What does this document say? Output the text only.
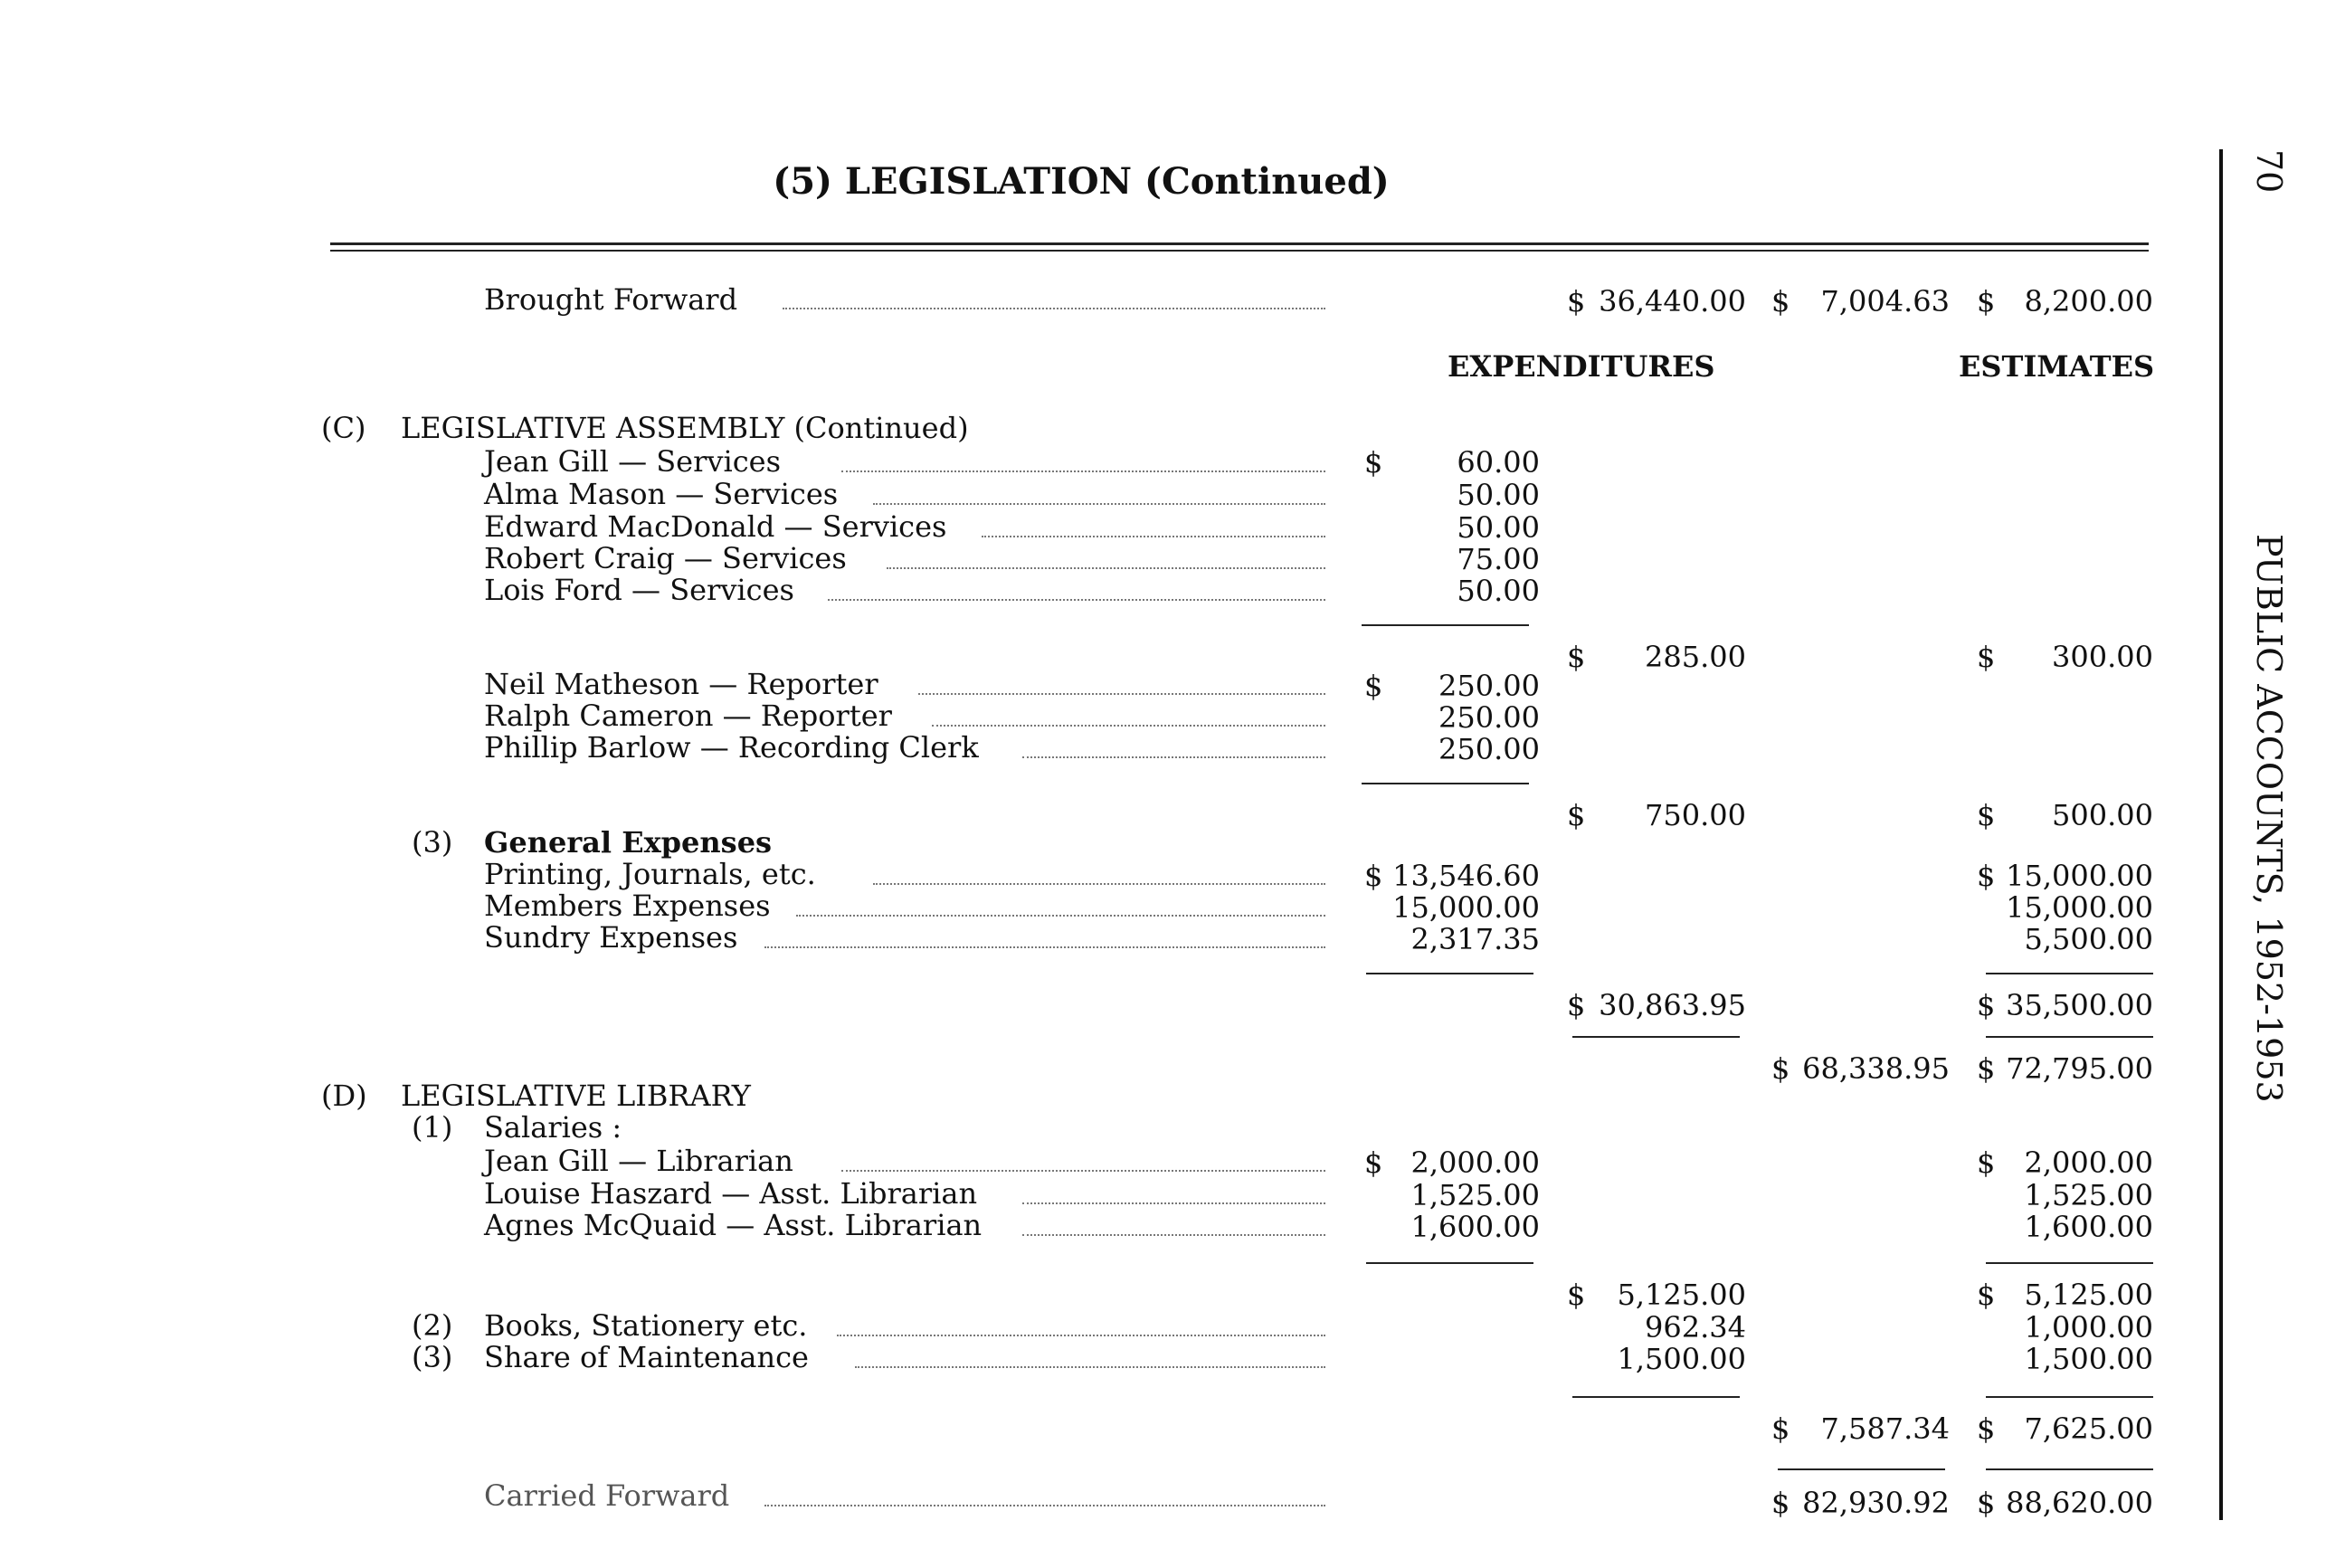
(5) LEGISLATION (Continued)	70
PUBLIC ACCOUNTS, 1952-1953
Brought Forward	$ 36,440.00 $	7,004.63 $	8,200.00
EXPENDITURES	ESTIMATES
(C) LEGISLATIVE ASSEMBLY (Continued)
Jean Gill — Services	$	60.00
Alma Mason — Services	50.00
Edward MacDonald — Services	50.00
Robert Craig — Services	75.00
Lois Ford — Services	50.00
$	285.00	$	300.00
Neil Matheson — Reporter	$	250.00
Ralph Cameron — Reporter	250.00
Phillip Barlow — Recording Clerk	250.00
$	750.00	$	500.00
(3) General Expenses
Printing, Journals, etc.	$ 13,546.60	$ 15,000.00
Members Expenses	15,000.00	15,000.00
Sundry Expenses	2,317.35	5,500.00
$ 30,863.95	$ 35,500.00
$ 68,338.95 $ 72,795.00
(D) LEGISLATIVE LIBRARY
(1) Salaries :
Jean Gill — Librarian	$ 2,000.00	$	2,000.00
Louise Haszard — Asst. Librarian	1,525.00	1,525.00
Agnes McQuaid — Asst. Librarian	1,600.00	1,600.00
$	5,125.00	$	5,125.00
(2) Books, Stationery etc.	962.34	1,000.00
(3) Share of Maintenance	1,500.00	1,500.00
$	7,587.34 $	7,625.00
Carried Forward	$ 82,930.92 $ 88,620.00
